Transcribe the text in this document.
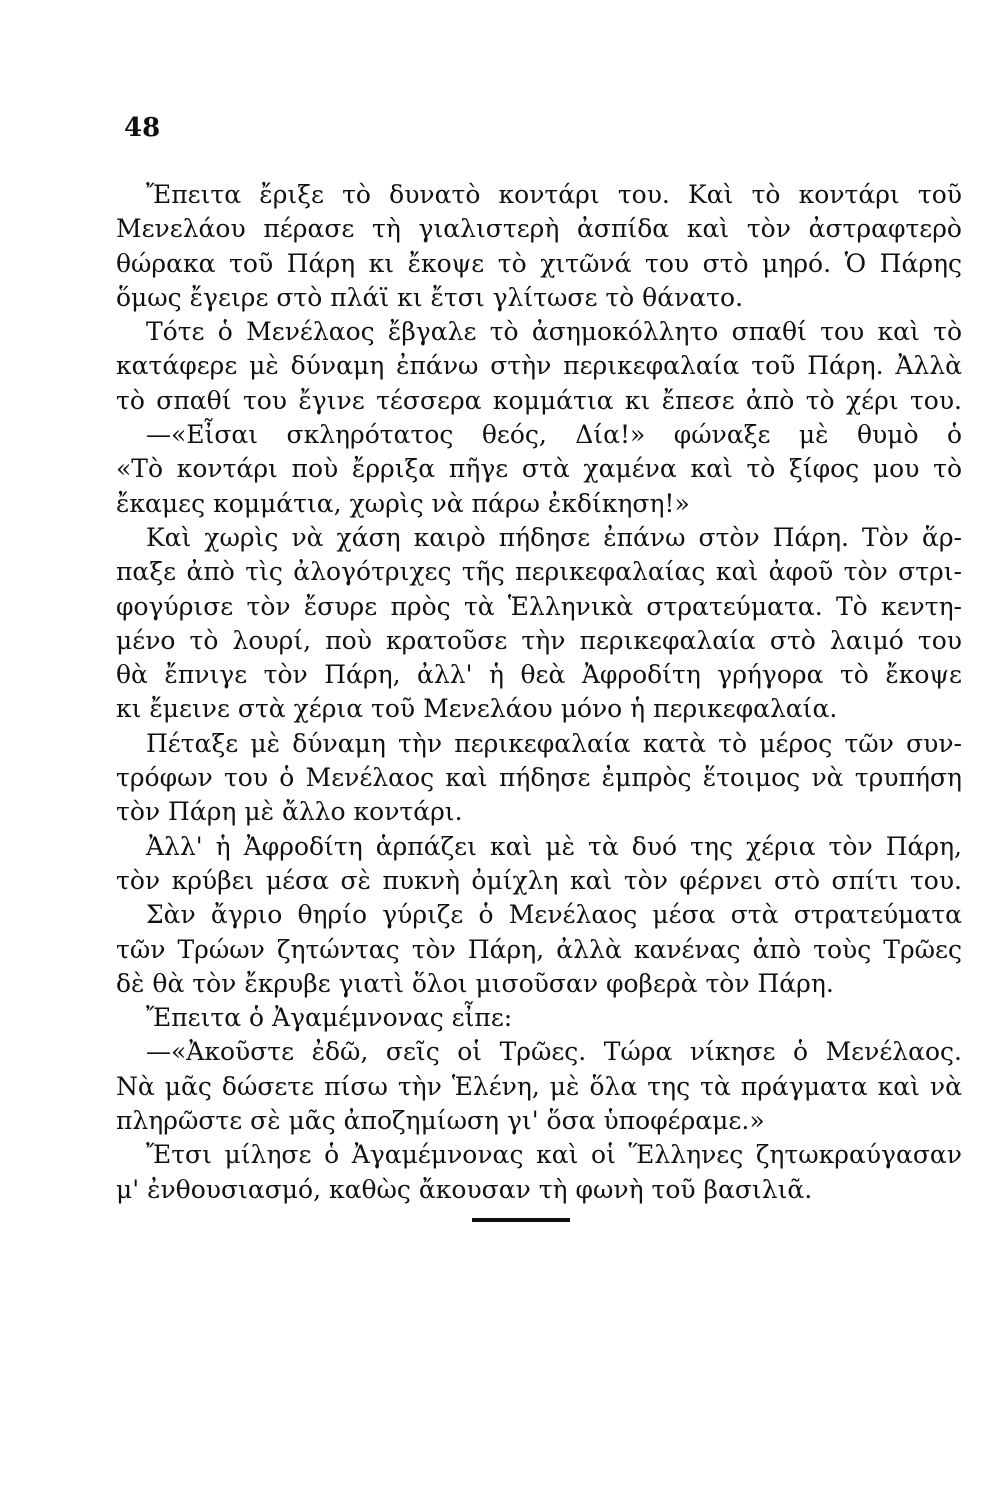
48
Ἔπειτα ἔριξε τὸ δυνατὸ κοντάρι του. Καὶ τὸ κοντάρι τοῦ
Μενελάου πέρασε τὴ γιαλιστερὴ ἀσπίδα καὶ τὸν ἀστραφτερὸ
θώρακα τοῦ Πάρη κι ἔκοψε τὸ χιτῶνά του στὸ μηρό. Ὁ Πάρης
ὅμως ἔγειρε στὸ πλάϊ κι ἔτσι γλίτωσε τὸ θάνατο.
Τότε ὁ Μενέλαος ἔβγαλε τὸ ἀσημοκόλλητο σπαθί του καὶ τὸ
κατάφερε μὲ δύναμη ἐπάνω στὴν περικεφαλαία τοῦ Πάρη. Ἀλλὰ
τὸ σπαθί του ἔγινε τέσσερα κομμάτια κι ἔπεσε ἀπὸ τὸ χέρι του.
—«Εἶσαι σκληρότατος θεός, Δία!» φώναξε μὲ θυμὸ ὁ
«Τὸ κοντάρι ποὺ ἔρριξα πῆγε στὰ χαμένα καὶ τὸ ξίφος μου τὸ
ἔκαμες κομμάτια, χωρὶς νὰ πάρω ἐκδίκηση!»
Καὶ χωρὶς νὰ χάση καιρὸ πήδησε ἐπάνω στὸν Πάρη. Τὸν ἅρ-
παξε ἀπὸ τὶς ἀλογότριχες τῆς περικεφαλαίας καὶ ἀφοῦ τὸν στρι-
φογύρισε τὸν ἔσυρε πρὸς τὰ Ἑλληνικὰ στρατεύματα. Τὸ κεντη-
μένο τὸ λουρί, ποὺ κρατοῦσε τὴν περικεφαλαία στὸ λαιμό του
θὰ ἔπνιγε τὸν Πάρη, ἀλλ' ἡ θεὰ Ἀφροδίτη γρήγορα τὸ ἔκοψε
κι ἔμεινε στὰ χέρια τοῦ Μενελάου μόνο ἡ περικεφαλαία.
Πέταξε μὲ δύναμη τὴν περικεφαλαία κατὰ τὸ μέρος τῶν συν-
τρόφων του ὁ Μενέλαος καὶ πήδησε ἐμπρὸς ἕτοιμος νὰ τρυπήση
τὸν Πάρη μὲ ἄλλο κοντάρι.
Ἀλλ' ἡ Ἀφροδίτη ἁρπάζει καὶ μὲ τὰ δυό της χέρια τὸν Πάρη,
τὸν κρύβει μέσα σὲ πυκνὴ ὀμίχλη καὶ τὸν φέρνει στὸ σπίτι του.
Σὰν ἄγριο θηρίο γύριζε ὁ Μενέλαος μέσα στὰ στρατεύματα
τῶν Τρώων ζητώντας τὸν Πάρη, ἀλλὰ κανένας ἀπὸ τοὺς Τρῶες
δὲ θὰ τὸν ἔκρυβε γιατὶ ὅλοι μισοῦσαν φοβερὰ τὸν Πάρη.
Ἔπειτα ὁ Ἀγαμέμνονας εἶπε:
—«Ἀκοῦστε ἐδῶ, σεῖς οἱ Τρῶες. Τώρα νίκησε ὁ Μενέλαος.
Νὰ μᾶς δώσετε πίσω τὴν Ἑλένη, μὲ ὅλα της τὰ πράγματα καὶ νὰ
πληρῶστε σὲ μᾶς ἀποζημίωση γι' ὅσα ὑποφέραμε.»
Ἔτσι μίλησε ὁ Ἀγαμέμνονας καὶ οἱ Ἕλληνες ζητωκραύγασαν
μ' ἐνθουσιασμό, καθὼς ἄκουσαν τὴ φωνὴ τοῦ βασιλιᾶ.
